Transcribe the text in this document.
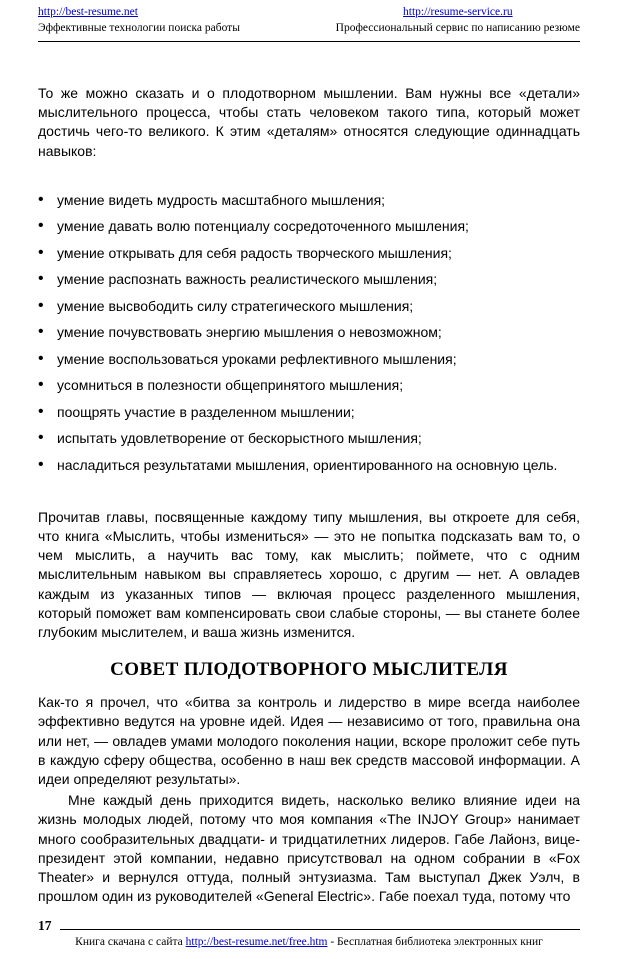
http://best-resume.net
Эффективные технологии поиска работы
http://resume-service.ru
Профессиональный сервис по написанию резюме

То же можно сказать и о плодотворном мышлении. Вам нужны все «детали» мыслительного процесса, чтобы стать человеком такого типа, который может достичь чего-то великого. К этим «деталям» относятся следующие одиннадцать навыков:

• умение видеть мудрость масштабного мышления;
• умение давать волю потенциалу сосредоточенного мышления;
• умение открывать для себя радость творческого мышления;
• умение распознать важность реалистического мышления;
• умение высвободить силу стратегического мышления;
• умение почувствовать энергию мышления о невозможном;
• умение воспользоваться уроками рефлективного мышления;
• усомниться в полезности общепринятого мышления;
• поощрять участие в разделенном мышлении;
• испытать удовлетворение от бескорыстного мышления;
• насладиться результатами мышления, ориентированного на основную цель.

Прочитав главы, посвященные каждому типу мышления, вы откроете для себя, что книга «Мыслить, чтобы измениться» — это не попытка подсказать вам то, о чем мыслить, а научить вас тому, как мыслить; поймете, что с одним мыслительным навыком вы справляетесь хорошо, с другим — нет. А овладев каждым из указанных типов — включая процесс разделенного мышления, который поможет вам компенсировать свои слабые стороны, — вы станете более глубоким мыслителем, и ваша жизнь изменится.

СОВЕТ ПЛОДОТВОРНОГО МЫСЛИТЕЛЯ

Как-то я прочел, что «битва за контроль и лидерство в мире всегда наиболее эффективно ведутся на уровне идей. Идея — независимо от того, правильна она или нет, — овладев умами молодого поколения нации, вскоре проложит себе путь в каждую сферу общества, особенно в наш век средств массовой информации. А идеи определяют результаты».

Мне каждый день приходится видеть, насколько велико влияние идеи на жизнь молодых людей, потому что моя компания «The INJOY Group» нанимает много сообразительных двадцати- и тридцатилетних лидеров. Габе Лайонз, вице-президент этой компании, недавно присутствовал на одном собрании в «Fox Theater» и вернулся оттуда, полный энтузиазма. Там выступал Джек Уэлч, в прошлом один из руководителей «General Electric». Габе поехал туда, потому что

17
Книга скачана с сайта http://best-resume.net/free.htm - Бесплатная библиотека электронных книг
